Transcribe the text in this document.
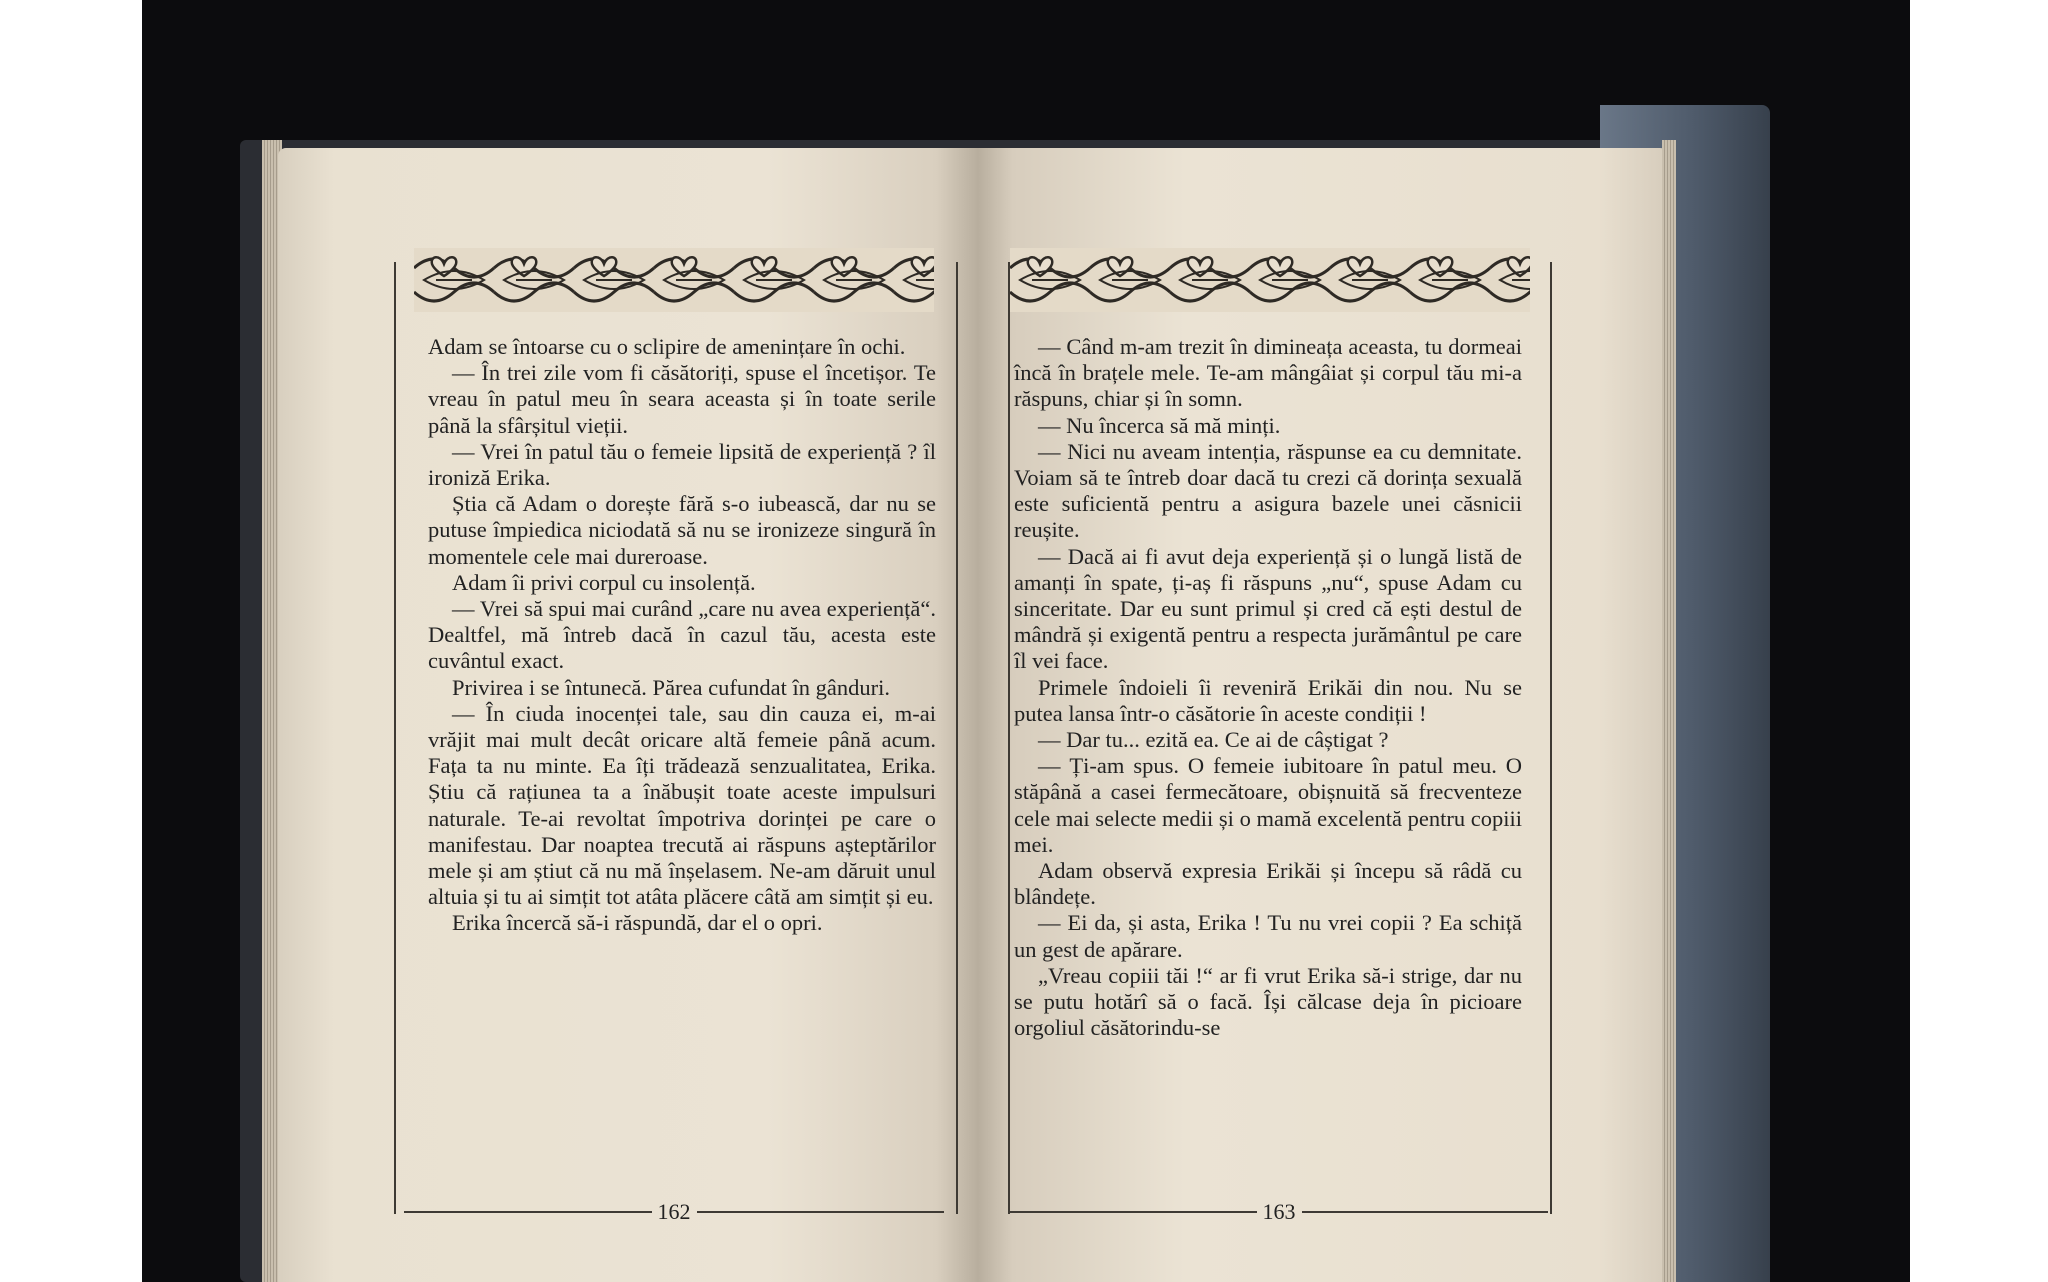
Adam se întoarse cu o sclipire de amenințare în ochi.

— În trei zile vom fi căsătoriți, spuse el încetișor. Te vreau în patul meu în seara aceasta și în toate serile până la sfârșitul vieții.

— Vrei în patul tău o femeie lipsită de experiență ? îl ironiză Erika.

Știa că Adam o dorește fără s-o iubească, dar nu se putuse împiedica niciodată să nu se ironizeze singură în momentele cele mai dureroase.

Adam îi privi corpul cu insolență.

— Vrei să spui mai curând „care nu avea experiență“. Dealtfel, mă întreb dacă în cazul tău, acesta este cuvântul exact.

Privirea i se întunecă. Părea cufundat în gânduri.

— În ciuda inocenței tale, sau din cauza ei, m-ai vrăjit mai mult decât oricare altă femeie până acum. Fața ta nu minte. Ea îți trădează senzualitatea, Erika. Știu că rațiunea ta a înăbușit toate aceste impulsuri naturale. Te-ai revoltat împotriva dorinței pe care o manifestau. Dar noaptea trecută ai răspuns așteptărilor mele și am știut că nu mă înșelasem. Ne-am dăruit unul altuia și tu ai simțit tot atâta plăcere câtă am simțit și eu.

Erika încercă să-i răspundă, dar el o opri.

— Când m-am trezit în dimineața aceasta, tu dormeai încă în brațele mele. Te-am mângâiat și corpul tău mi-a răspuns, chiar și în somn.

— Nu încerca să mă minți.

— Nici nu aveam intenția, răspunse ea cu demnitate. Voiam să te întreb doar dacă tu crezi că dorința sexuală este suficientă pentru a asigura bazele unei căsnicii reușite.

— Dacă ai fi avut deja experiență și o lungă listă de amanți în spate, ți-aș fi răspuns „nu“, spuse Adam cu sinceritate. Dar eu sunt primul și cred că ești destul de mândră și exigentă pentru a respecta jurământul pe care îl vei face.

Primele îndoieli îi reveniră Erikăi din nou. Nu se putea lansa într-o căsătorie în aceste condiții !

— Dar tu... ezită ea. Ce ai de câștigat ?

— Ți-am spus. O femeie iubitoare în patul meu. O stăpână a casei fermecătoare, obișnuită să frecventeze cele mai selecte medii și o mamă excelentă pentru copiii mei.

Adam observă expresia Erikăi și începu să râdă cu blândețe.

— Ei da, și asta, Erika ! Tu nu vrei copii ? Ea schiță un gest de apărare.

„Vreau copiii tăi !“ ar fi vrut Erika să-i strige, dar nu se putu hotărî să o facă. Își călcase deja în picioare orgoliul căsătorindu-se

162	163
